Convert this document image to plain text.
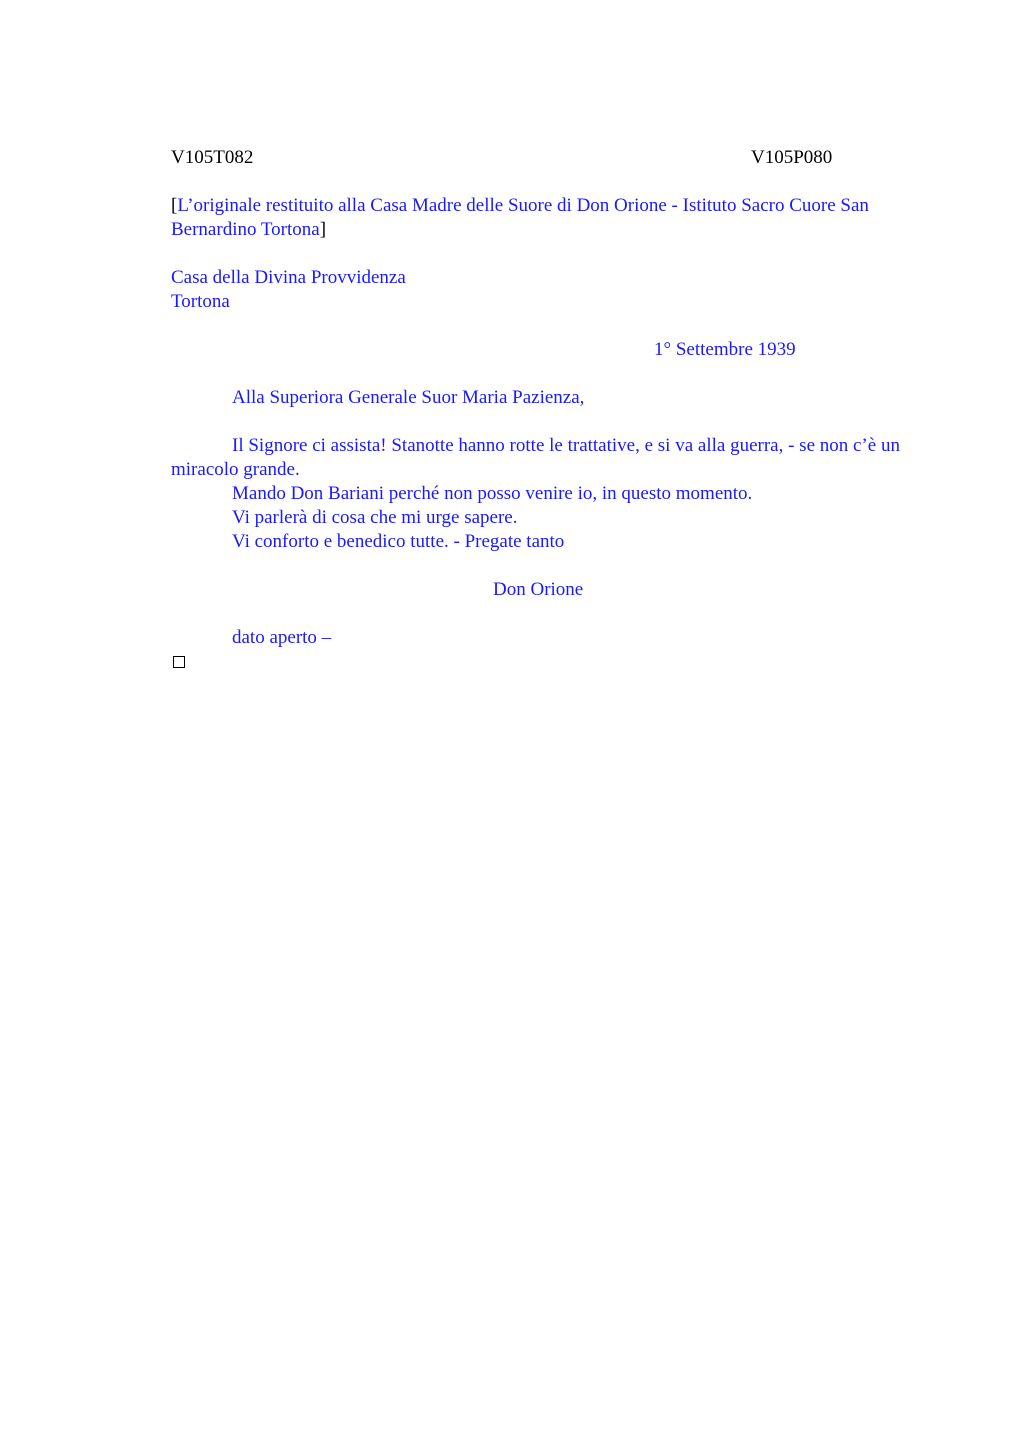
V105T082	V105P080
[L’originale restituito alla Casa Madre delle Suore di Don Orione - Istituto Sacro Cuore San Bernardino Tortona]
Casa della Divina Provvidenza
Tortona
1° Settembre 1939
Alla Superiora Generale Suor Maria Pazienza,
Il Signore ci assista! Stanotte hanno rotte le trattative, e si va alla guerra, - se non c’è un miracolo grande.
Mando Don Bariani perché non posso venire io, in questo momento.
Vi parlerà di cosa che mi urge sapere.
Vi conforto e benedico tutte. - Pregate tanto
Don Orione
dato aperto –
